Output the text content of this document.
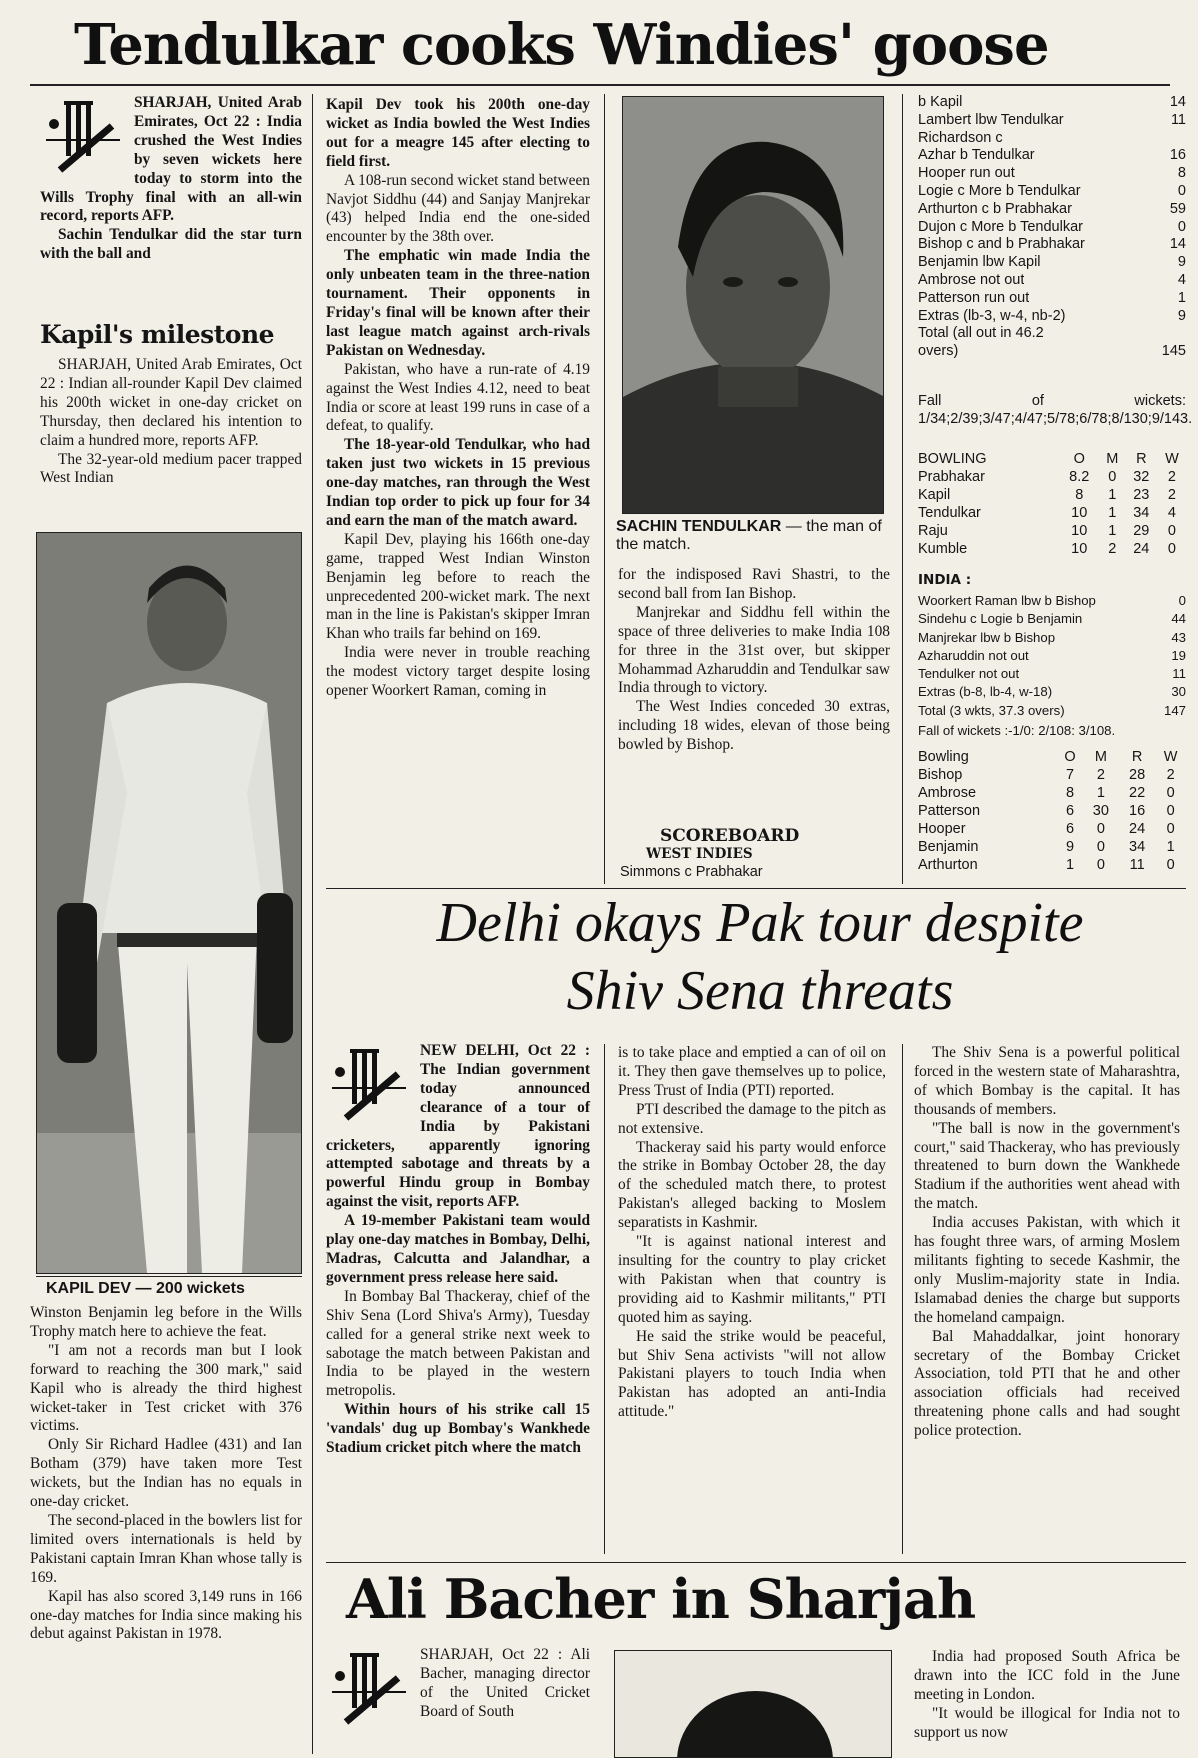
Tendulkar cooks Windies' goose

SHARJAH, United Arab Emirates, Oct 22 : India crushed the West Indies by seven wickets here today to storm into the Wills Trophy final with an all-win record, reports AFP.

Sachin Tendulkar did the star turn with the ball and

Kapil's milestone

SHARJAH, United Arab Emirates, Oct 22 : Indian all-rounder Kapil Dev claimed his 200th wicket in one-day cricket on Thursday, then declared his intention to claim a hundred more, reports AFP.

The 32-year-old medium pacer trapped West Indian

KAPIL DEV — 200 wickets

Winston Benjamin leg before in the Wills Trophy match here to achieve the feat.

"I am not a records man but I look forward to reaching the 300 mark," said Kapil who is already the third highest wicket-taker in Test cricket with 376 victims.

Only Sir Richard Hadlee (431) and Ian Botham (379) have taken more Test wickets, but the Indian has no equals in one-day cricket.

The second-placed in the bowlers list for limited overs internationals is held by Pakistani captain Imran Khan whose tally is 169.

Kapil has also scored 3,149 runs in 166 one-day matches for India since making his debut against Pakistan in 1978.

Kapil Dev took his 200th one-day wicket as India bowled the West Indies out for a meagre 145 after electing to field first.

A 108-run second wicket stand between Navjot Siddhu (44) and Sanjay Manjrekar (43) helped India end the one-sided encounter by the 38th over.

The emphatic win made India the only unbeaten team in the three-nation tournament. Their opponents in Friday's final will be known after their last league match against arch-rivals Pakistan on Wednesday.

Pakistan, who have a run-rate of 4.19 against the West Indies 4.12, need to beat India or score at least 199 runs in case of a defeat, to qualify.

The 18-year-old Tendulkar, who had taken just two wickets in 15 previous one-day matches, ran through the West Indian top order to pick up four for 34 and earn the man of the match award.

Kapil Dev, playing his 166th one-day game, trapped West Indian Winston Benjamin leg before to reach the unprecedented 200-wicket mark. The next man in the line is Pakistan's skipper Imran Khan who trails far behind on 169.

India were never in trouble reaching the modest victory target despite losing opener Woorkert Raman, coming in

SACHIN TENDULKAR — the man of the match.

for the indisposed Ravi Shastri, to the second ball from Ian Bishop.

Manjrekar and Siddhu fell within the space of three deliveries to make India 108 for three in the 31st over, but skipper Mohammad Azharuddin and Tendulkar saw India through to victory.

The West Indies conceded 30 extras, including 18 wides, elevan of those being bowled by Bishop.

SCOREBOARD
WEST INDIES
Simmons c Prabhakar
b Kapil	14
Lambert lbw Tendulkar	11
Richardson c
Azhar b Tendulkar	16
Hooper run out	8
Logie c More b Tendulkar	0
Arthurton c b Prabhakar	59
Dujon c More b Tendulkar	0
Bishop c and b Prabhakar	14
Benjamin lbw Kapil	9
Ambrose not out	4
Patterson run out	1
Extras (lb-3, w-4, nb-2)	9
Total (all out in 46.2
overs)	145
Fall of wickets: 1/34;2/39;3/47;4/47;5/78;6/78;8/130;9/143.
BOWLING	O	M	R	W
Prabhakar	8.2	0	32	2
Kapil	8	1	23	2
Tendulkar	10	1	34	4
Raju	10	1	29	0
Kumble	10	2	24	0
INDIA :
Woorkert Raman lbw b Bishop	0
Sindehu c Logie b Benjamin	44
Manjrekar lbw b Bishop	43
Azharuddin not out	19
Tendulker not out	11
Extras (b-8, lb-4, w-18)	30
Total (3 wkts, 37.3 overs)	147
Fall of wickets :-1/0: 2/108: 3/108.
Bowling	O	M	R	W
Bishop	7	2	28	2
Ambrose	8	1	22	0
Patterson	6	30	16	0
Hooper	6	0	24	0
Benjamin	9	0	34	1
Arthurton	1	0	11	0
Delhi okays Pak tour despite
Shiv Sena threats

NEW DELHI, Oct 22 : The Indian government today announced clearance of a tour of India by Pakistani cricketers, apparently ignoring attempted sabotage and threats by a powerful Hindu group in Bombay against the visit, reports AFP.

A 19-member Pakistani team would play one-day matches in Bombay, Delhi, Madras, Calcutta and Jalandhar, a government press release here said.

In Bombay Bal Thackeray, chief of the Shiv Sena (Lord Shiva's Army), Tuesday called for a general strike next week to sabotage the match between Pakistan and India to be played in the western metropolis.

Within hours of his strike call 15 'vandals' dug up Bombay's Wankhede Stadium cricket pitch where the match

is to take place and emptied a can of oil on it. They then gave themselves up to police, Press Trust of India (PTI) reported.

PTI described the damage to the pitch as not extensive.

Thackeray said his party would enforce the strike in Bombay October 28, the day of the scheduled match there, to protest Pakistan's alleged backing to Moslem separatists in Kashmir.

"It is against national interest and insulting for the country to play cricket with Pakistan when that country is providing aid to Kashmir militants," PTI quoted him as saying.

He said the strike would be peaceful, but Shiv Sena activists "will not allow Pakistani players to touch India when Pakistan has adopted an anti-India attitude."

The Shiv Sena is a powerful political forced in the western state of Maharashtra, of which Bombay is the capital. It has thousands of members.

"The ball is now in the government's court," said Thackeray, who has previously threatened to burn down the Wankhede Stadium if the authorities went ahead with the match.

India accuses Pakistan, with which it has fought three wars, of arming Moslem militants fighting to secede Kashmir, the only Muslim-majority state in India. Islamabad denies the charge but supports the homeland campaign.

Bal Mahaddalkar, joint honorary secretary of the Bombay Cricket Association, told PTI that he and other association officials had received threatening phone calls and had sought police protection.

Ali Bacher in Sharjah

SHARJAH, Oct 22 : Ali Bacher, managing director of the United Cricket Board of South

India had proposed South Africa be drawn into the ICC fold in the June meeting in London.

"It would be illogical for India not to support us now
